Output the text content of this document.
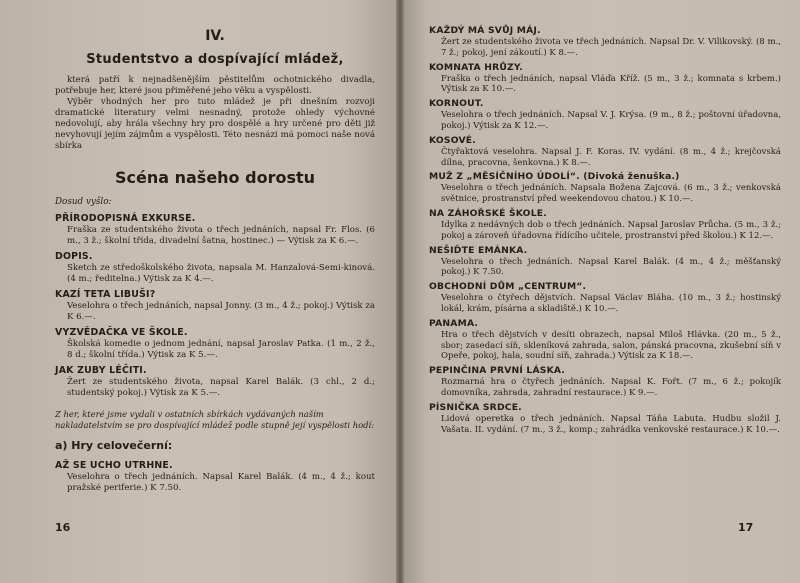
IV.
Studentstvo a dospívající mládež,

která patří k nejnadšenějším pěstitelům ochotnického divadla, potřebuje her, které jsou přiměřené jeho věku a vyspělosti.

Výběr vhodných her pro tuto mládež je při dnešním rozvoji dramatické literatury velmi nesnadný, protože ohledy výchovné nedovolují, aby hrála všechny hry pro dospělé a hry určené pro děti již nevyhovují jejím zájmům a vyspělosti. Této nesnázi má pomoci naše nová sbírka

Scéna našeho dorostu
Dosud vyšlo:
PŘÍRODOPISNÁ EXKURSE.
Fraška ze studentského života o třech jednáních, napsal Fr. Flos. (6 m., 3 ž.; školní třída, divadelní šatna, hostinec.) — Výtisk za K 6.—.
DOPIS.
Sketch ze středoškolského života, napsala M. Hanzalová-Semi-kinová. (4 m.; ředitelna.) Výtisk za K 4.—.
KAZÍ TETA LIBUŠI?
Veselohra o třech jednáních, napsal Jonny. (3 m., 4 ž.; pokoj.) Výtisk za K 6.—.
VYZVĚDAČKA VE ŠKOLE.
Školská komedie o jednom jednání, napsal Jaroslav Patka. (1 m., 2 ž., 8 d.; školní třída.) Výtisk za K 5.—.
JAK ZUBY LÉČITI.
Žert ze studentského života, napsal Karel Balák. (3 chl., 2 d.; studentský pokoj.) Výtisk za K 5.—.
Z her, které jsme vydali v ostatních sbírkách vydávaných naším nakladatelstvím se pro dospívající mládež podle stupně její vyspělosti hodí:
a) Hry celovečerní:
AŽ SE UCHO UTRHNE.
Veselohra o třech jednáních. Napsal Karel Balák. (4 m., 4 ž.; kout pražské periferie.) K 7.50.
16
KAŽDÝ MÁ SVŮJ MÁJ.
Žert ze studentského života ve třech jednáních. Napsal Dr. V. Vilikovský. (8 m., 7 ž.; pokoj, jení zákoutí.) K 8.—.
KOMNATA HRŮZY.
Fraška o třech jednáních, napsal Vláďa Kříž. (5 m., 3 ž.; komnata s krbem.) Výtisk za K 10.—.
KORNOUT.
Veselohra o třech jednáních. Napsal V. J. Krýsa. (9 m., 8 ž.; poštovní úřadovna, pokoj.) Výtisk za K 12.—.
KOSOVÉ.
Čtyřaktová veselohra. Napsal J. F. Koras. IV. vydání. (8 m., 4 ž.; krejčovská dílna, pracovna, šenkovna.) K 8.—.
MUŽ Z „MĚSÍČNÍHO ÚDOLÍ“. (Divoká ženuška.)
Veselohra o třech jednáních. Napsala Božena Zajcová. (6 m., 3 ž.; venkovská světnice, prostranství před weekendovou chatou.) K 10.—.
NA ZÁHOŘSKÉ ŠKOLE.
Idylka z nedávných dob o třech jednáních. Napsal Jaroslav Průcha. (5 m., 3 ž.; pokoj a zároveň úřadovna řídícího učitele, prostranství před školou.) K 12.—.
NEŠIĎTE EMÁNKA.
Veselohra o třech jednáních. Napsal Karel Balák. (4 m., 4 ž.; měšťanský pokoj.) K 7.50.
OBCHODNÍ DŮM „CENTRUM“.
Veselohra o čtyřech dějstvích. Napsal Václav Bláha. (10 m., 3 ž.; hostinský lokál, krám, písárna a skladiště.) K 10.—.
PANAMA.
Hra o třech dějstvích v desíti obrazech, napsal Miloš Hlávka. (20 m., 5 ž., sbor; zasedací síň, skleníková zahrada, salon, pánská pracovna, zkušební síň v Opeře, pokoj, hala, soudní síň, zahrada.) Výtisk za K 18.—.
PEPINČINA PRVNÍ LÁSKA.
Rozmarná hra o čtyřech jednáních. Napsal K. Fořt. (7 m., 6 ž.; pokojík domovníka, zahrada, zahradní restaurace.) K 9.—.
PÍSNIČKA SRDCE.
Lidová operetka o třech jednáních. Napsal Táňa Labuta. Hudbu složil J. Vašata. II. vydání. (7 m., 3 ž., komp.; zahrádka venkovské restaurace.) K 10.—.
17
